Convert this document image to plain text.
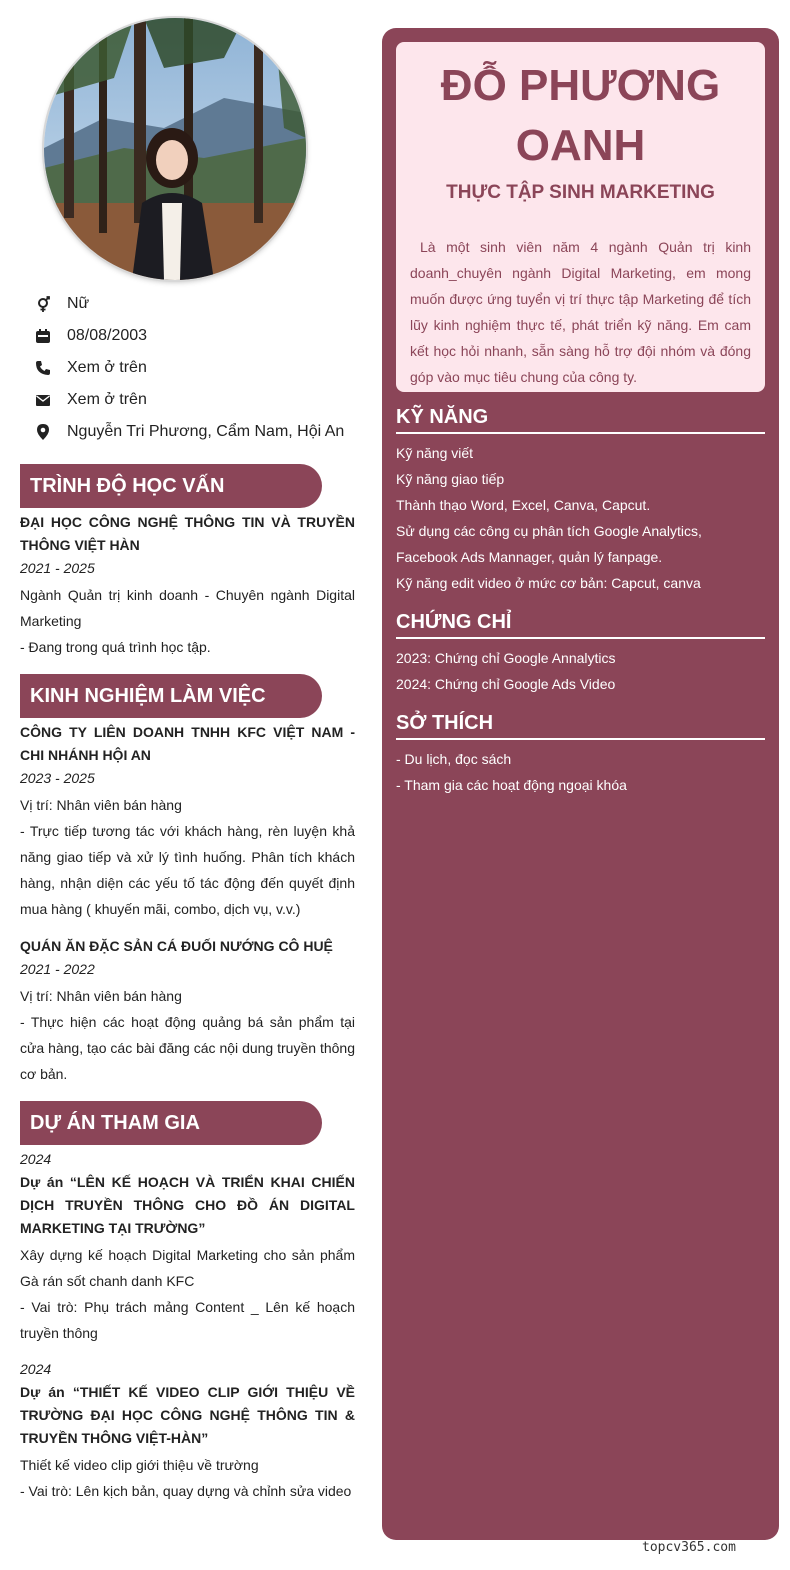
Nữ
08/08/2003
Xem ở trên
Xem ở trên
Nguyễn Tri Phương, Cẩm Nam, Hội An
TRÌNH ĐỘ HỌC VẤN
ĐẠI HỌC CÔNG NGHỆ THÔNG TIN VÀ TRUYỀN THÔNG VIỆT HÀN
2021 - 2025
Ngành Quản trị kinh doanh - Chuyên ngành Digital Marketing
- Đang trong quá trình học tập.
KINH NGHIỆM LÀM VIỆC
CÔNG TY LIÊN DOANH TNHH KFC VIỆT NAM - CHI NHÁNH HỘI AN
2023 - 2025
Vị trí: Nhân viên bán hàng
- Trực tiếp tương tác với khách hàng, rèn luyện khả năng giao tiếp và xử lý tình huống. Phân tích khách hàng, nhận diện các yếu tố tác động đến quyết định mua hàng ( khuyến mãi, combo, dịch vụ, v.v.)
QUÁN ĂN ĐẶC SẢN CÁ ĐUỐI NƯỚNG CÔ HUỆ
2021 - 2022
Vị trí: Nhân viên bán hàng
- Thực hiện các hoạt động quảng bá sản phẩm tại cửa hàng, tạo các bài đăng các nội dung truyền thông cơ bản.
DỰ ÁN THAM GIA
2024
Dự án “LÊN KẾ HOẠCH VÀ TRIỂN KHAI CHIẾN DỊCH TRUYỀN THÔNG CHO ĐỒ ÁN DIGITAL MARKETING TẠI TRƯỜNG”
Xây dựng kế hoạch Digital Marketing cho sản phẩm Gà rán sốt chanh danh KFC
- Vai trò: Phụ trách mảng Content _ Lên kế hoạch truyền thông
2024
Dự án “THIẾT KẾ VIDEO CLIP GIỚI THIỆU VỀ TRƯỜNG ĐẠI HỌC CÔNG NGHỆ THÔNG TIN & TRUYỀN THÔNG VIỆT-HÀN”
Thiết kế video clip giới thiệu về trường
- Vai trò: Lên kịch bản, quay dựng và chỉnh sửa video
ĐỖ PHƯƠNG OANH
THỰC TẬP SINH MARKETING
Là một sinh viên năm 4 ngành Quản trị kinh doanh_chuyên ngành Digital Marketing, em mong muốn được ứng tuyển vị trí thực tập Marketing để tích lũy kinh nghiệm thực tế, phát triển kỹ năng. Em cam kết học hỏi nhanh, sẵn sàng hỗ trợ đội nhóm và đóng góp vào mục tiêu chung của công ty.
KỸ NĂNG
Kỹ năng viết
Kỹ năng giao tiếp
Thành thạo Word, Excel, Canva, Capcut.
Sử dụng các công cụ phân tích Google Analytics, Facebook Ads Mannager, quản lý fanpage.
Kỹ năng edit video ở mức cơ bản: Capcut, canva
CHỨNG CHỈ
2023: Chứng chỉ Google Annalytics
2024: Chứng chỉ Google Ads Video
SỞ THÍCH
- Du lịch, đọc sách
- Tham gia các hoạt động ngoại khóa
topcv365.com
